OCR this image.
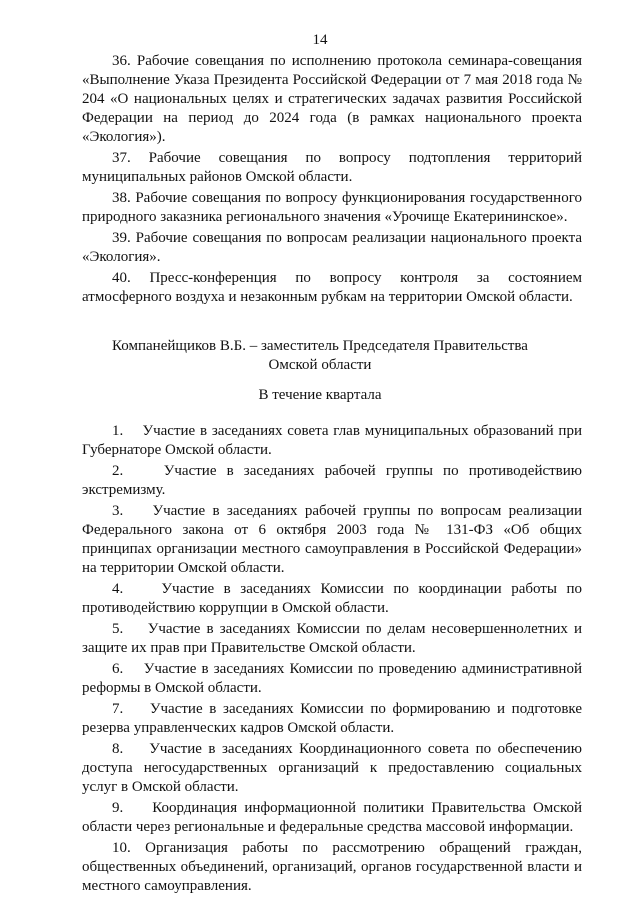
14

36. Рабочие совещания по исполнению протокола семинара-совещания «Выполнение Указа Президента Российской Федерации от 7 мая 2018 года № 204 «О национальных целях и стратегических задачах развития Российской Федерации на период до 2024 года (в рамках национального проекта «Экология»).

37. Рабочие совещания по вопросу подтопления территорий муниципальных районов Омской области.

38. Рабочие совещания по вопросу функционирования государственного природного заказника регионального значения «Урочище Екатерининское».

39. Рабочие совещания по вопросам реализации национального проекта «Экология».

40. Пресс-конференция по вопросу контроля за состоянием атмосферного воздуха и незаконным рубкам на территории Омской области.

Компанейщиков В.Б. – заместитель Председателя Правительства
Омской области
В течение квартала

1.    Участие в заседаниях совета глав муниципальных образований при Губернаторе Омской области.

2.    Участие в заседаниях рабочей группы по противодействию экстремизму.

3.    Участие в заседаниях рабочей группы по вопросам реализации Федерального закона от 6 октября 2003 года № 131-ФЗ «Об общих принципах организации местного самоуправления в Российской Федерации» на территории Омской области.

4.    Участие в заседаниях Комиссии по координации работы по противодействию коррупции в Омской области.

5.    Участие в заседаниях Комиссии по делам несовершеннолетних и защите их прав при Правительстве Омской области.

6.    Участие в заседаниях Комиссии по проведению административной реформы в Омской области.

7.    Участие в заседаниях Комиссии по формированию и подготовке резерва управленческих кадров Омской области.

8.    Участие в заседаниях Координационного совета по обеспечению доступа негосударственных организаций к предоставлению социальных услуг в Омской области.

9.    Координация информационной политики Правительства Омской области через региональные и федеральные средства массовой информации.

10. Организация работы по рассмотрению обращений граждан, общественных объединений, организаций, органов государственной власти и местного самоуправления.
